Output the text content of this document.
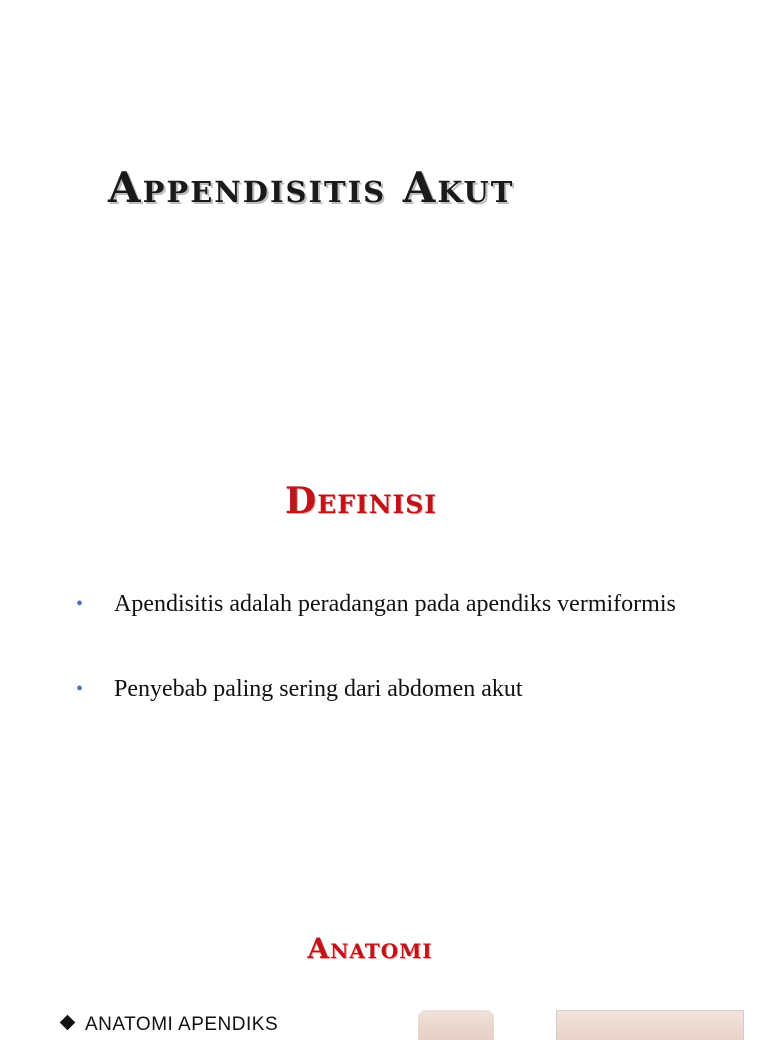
Appendisitis Akut
Definisi
• Apendisitis adalah peradangan pada apendiks vermiformis
• Penyebab paling sering dari abdomen akut
Anatomi

ANATOMI APENDIKS
